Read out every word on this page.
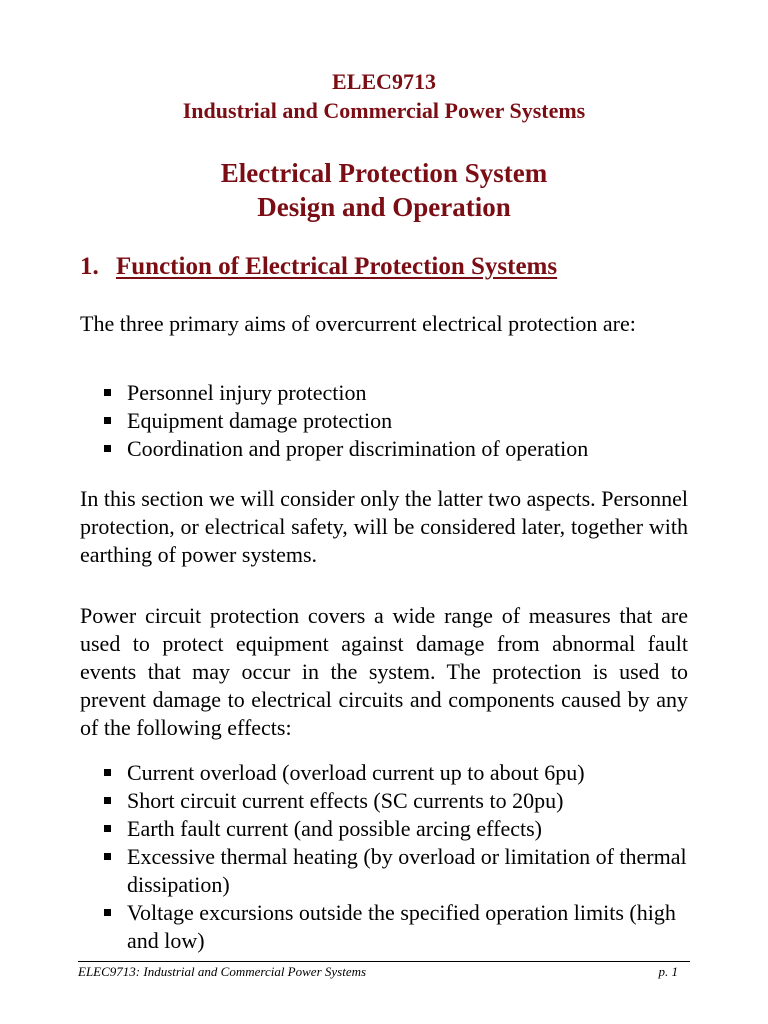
ELEC9713
Industrial and Commercial Power Systems
Electrical Protection System
Design and Operation
1. Function of Electrical Protection Systems
The three primary aims of overcurrent electrical protection are:
Personnel injury protection
Equipment damage protection
Coordination and proper discrimination of operation
In this section we will consider only the latter two aspects. Personnel protection, or electrical safety, will be considered later, together with earthing of power systems.
Power circuit protection covers a wide range of measures that are used to protect equipment against damage from abnormal fault events that may occur in the system. The protection is used to prevent damage to electrical circuits and components caused by any of the following effects:
Current overload (overload current up to about 6pu)
Short circuit current effects (SC currents to 20pu)
Earth fault current (and possible arcing effects)
Excessive thermal heating (by overload or limitation of thermal dissipation)
Voltage excursions outside the specified operation limits (high and low)
ELEC9713: Industrial and Commercial Power Systems	p. 1
